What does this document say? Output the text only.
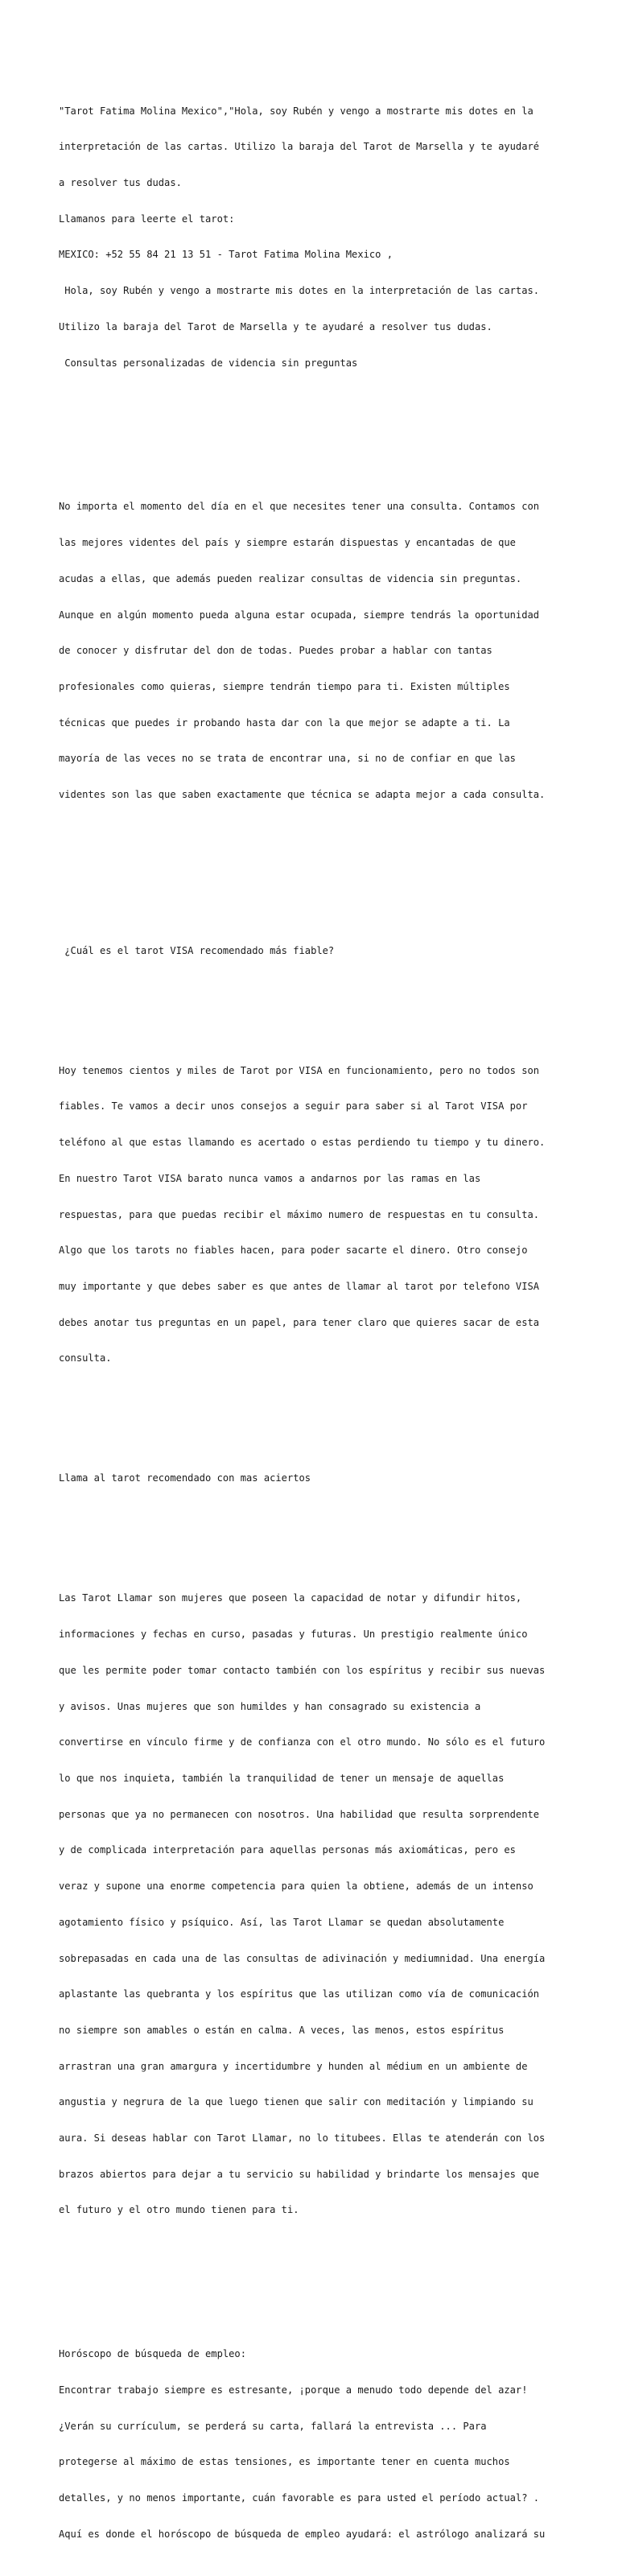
"Tarot Fatima Molina Mexico","Hola, soy Rubén y vengo a mostrarte mis dotes en la

interpretación de las cartas. Utilizo la baraja del Tarot de Marsella y te ayudaré

a resolver tus dudas.

Llamanos para leerte el tarot:

MEXICO: +52 55 84 21 13 51 - Tarot Fatima Molina Mexico ,

Hola, soy Rubén y vengo a mostrarte mis dotes en la interpretación de las cartas.

Utilizo la baraja del Tarot de Marsella y te ayudaré a resolver tus dudas.

Consultas personalizadas de videncia sin preguntas

No importa el momento del día en el que necesites tener una consulta. Contamos con

las mejores videntes del país y siempre estarán dispuestas y encantadas de que

acudas a ellas, que además pueden realizar consultas de videncia sin preguntas.

Aunque en algún momento pueda alguna estar ocupada, siempre tendrás la oportunidad

de conocer y disfrutar del don de todas. Puedes probar a hablar con tantas

profesionales como quieras, siempre tendrán tiempo para ti. Existen múltiples

técnicas que puedes ir probando hasta dar con la que mejor se adapte a ti. La

mayoría de las veces no se trata de encontrar una, si no de confiar en que las

videntes son las que saben exactamente que técnica se adapta mejor a cada consulta.

¿Cuál es el tarot VISA recomendado más fiable?

Hoy tenemos cientos y miles de Tarot por VISA en funcionamiento, pero no todos son

fiables. Te vamos a decir unos consejos a seguir para saber si al Tarot VISA por

teléfono al que estas llamando es acertado o estas perdiendo tu tiempo y tu dinero.

En nuestro Tarot VISA barato nunca vamos a andarnos por las ramas en las

respuestas, para que puedas recibir el máximo numero de respuestas en tu consulta.

Algo que los tarots no fiables hacen, para poder sacarte el dinero. Otro consejo

muy importante y que debes saber es que antes de llamar al tarot por telefono VISA

debes anotar tus preguntas en un papel, para tener claro que quieres sacar de esta

consulta.

Llama al tarot recomendado con mas aciertos

Las Tarot Llamar son mujeres que poseen la capacidad de notar y difundir hitos,

informaciones y fechas en curso, pasadas y futuras. Un prestigio realmente único

que les permite poder tomar contacto también con los espíritus y recibir sus nuevas

y avisos. Unas mujeres que son humildes y han consagrado su existencia a

convertirse en vínculo firme y de confianza con el otro mundo. No sólo es el futuro

lo que nos inquieta, también la tranquilidad de tener un mensaje de aquellas

personas que ya no permanecen con nosotros. Una habilidad que resulta sorprendente

y de complicada interpretación para aquellas personas más axiomáticas, pero es

veraz y supone una enorme competencia para quien la obtiene, además de un intenso

agotamiento físico y psíquico. Así, las Tarot Llamar se quedan absolutamente

sobrepasadas en cada una de las consultas de adivinación y mediumnidad. Una energía

aplastante las quebranta y los espíritus que las utilizan como vía de comunicación

no siempre son amables o están en calma. A veces, las menos, estos espíritus

arrastran una gran amargura y incertidumbre y hunden al médium en un ambiente de

angustia y negrura de la que luego tienen que salir con meditación y limpiando su

aura. Si deseas hablar con Tarot Llamar, no lo titubees. Ellas te atenderán con los

brazos abiertos para dejar a tu servicio su habilidad y brindarte los mensajes que

el futuro y el otro mundo tienen para ti.

Horóscopo de búsqueda de empleo:

Encontrar trabajo siempre es estresante, ¡porque a menudo todo depende del azar!

¿Verán su currículum, se perderá su carta, fallará la entrevista ... Para

protegerse al máximo de estas tensiones, es importante tener en cuenta muchos

detalles, y no menos importante, cuán favorable es para usted el período actual? .

Aquí es donde el horóscopo de búsqueda de empleo ayudará: el astrólogo analizará su
